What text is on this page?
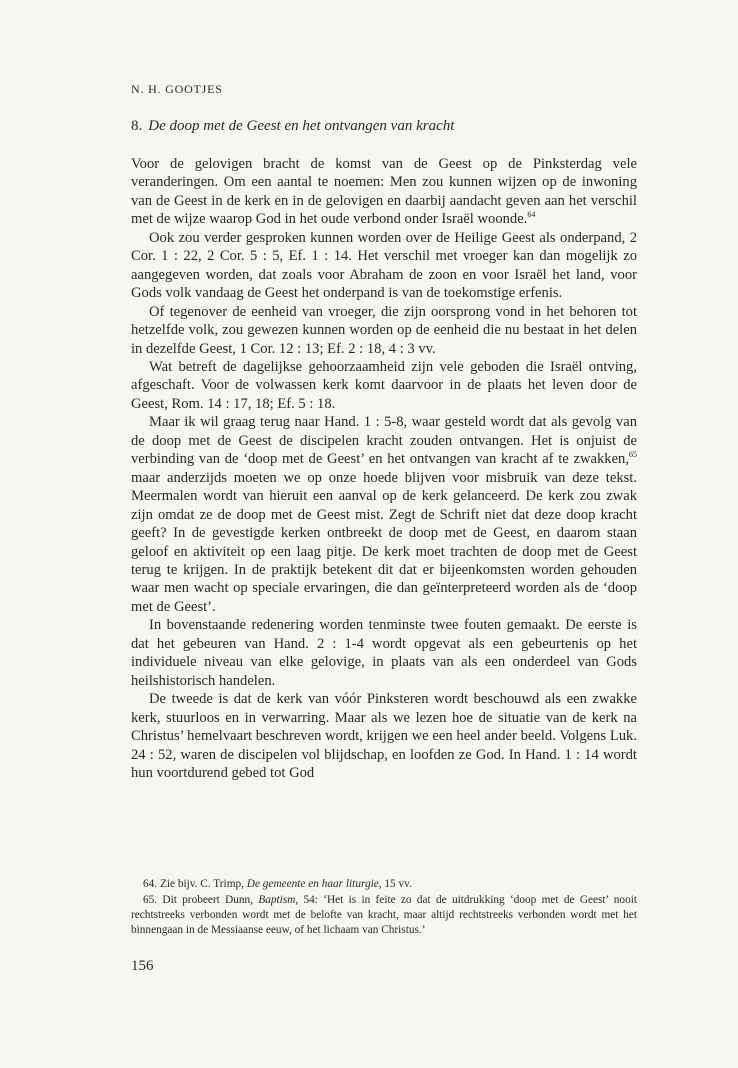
N. H. GOOTJES
8. De doop met de Geest en het ontvangen van kracht

Voor de gelovigen bracht de komst van de Geest op de Pinksterdag vele veranderingen. Om een aantal te noemen: Men zou kunnen wijzen op de inwoning van de Geest in de kerk en in de gelovigen en daarbij aandacht geven aan het verschil met de wijze waarop God in het oude verbond onder Israël woonde.$^{64}$

Ook zou verder gesproken kunnen worden over de Heilige Geest als onderpand, 2 Cor. 1 : 22, 2 Cor. 5 : 5, Ef. 1 : 14. Het verschil met vroeger kan dan mogelijk zo aangegeven worden, dat zoals voor Abraham de zoon en voor Israël het land, voor Gods volk vandaag de Geest het onderpand is van de toekomstige erfenis.

Of tegenover de eenheid van vroeger, die zijn oorsprong vond in het behoren tot hetzelfde volk, zou gewezen kunnen worden op de eenheid die nu bestaat in het delen in dezelfde Geest, 1 Cor. 12 : 13; Ef. 2 : 18, 4 : 3 vv.

Wat betreft de dagelijkse gehoorzaamheid zijn vele geboden die Israël ontving, afgeschaft. Voor de volwassen kerk komt daarvoor in de plaats het leven door de Geest, Rom. 14 : 17, 18; Ef. 5 : 18.

Maar ik wil graag terug naar Hand. 1 : 5-8, waar gesteld wordt dat als gevolg van de doop met de Geest de discipelen kracht zouden ontvangen. Het is onjuist de verbinding van de ‘doop met de Geest’ en het ontvangen van kracht af te zwakken,$^{65}$ maar anderzijds moeten we op onze hoede blijven voor misbruik van deze tekst. Meermalen wordt van hieruit een aanval op de kerk gelanceerd. De kerk zou zwak zijn omdat ze de doop met de Geest mist. Zegt de Schrift niet dat deze doop kracht geeft? In de gevestigde kerken ontbreekt de doop met de Geest, en daarom staan geloof en aktiviteit op een laag pitje. De kerk moet trachten de doop met de Geest terug te krijgen. In de praktijk betekent dit dat er bijeenkomsten worden gehouden waar men wacht op speciale ervaringen, die dan geïnterpreteerd worden als de ‘doop met de Geest’.

In bovenstaande redenering worden tenminste twee fouten gemaakt. De eerste is dat het gebeuren van Hand. 2 : 1-4 wordt opgevat als een gebeurtenis op het individuele niveau van elke gelovige, in plaats van als een onderdeel van Gods heilshistorisch handelen.

De tweede is dat de kerk van vóór Pinksteren wordt beschouwd als een zwakke kerk, stuurloos en in verwarring. Maar als we lezen hoe de situatie van de kerk na Christus’ hemelvaart beschreven wordt, krijgen we een heel ander beeld. Volgens Luk. 24 : 52, waren de discipelen vol blijdschap, en loofden ze God. In Hand. 1 : 14 wordt hun voortdurend gebed tot God

64. Zie bijv. C. Trimp, De gemeente en haar liturgie, 15 vv.

65. Dit probeert Dunn, Baptism, 54: ‘Het is in feite zo dat de uitdrukking ‘doop met de Geest’ nooit rechtstreeks verbonden wordt met de belofte van kracht, maar altijd rechtstreeks verbonden wordt met het binnengaan in de Messiaanse eeuw, of het lichaam van Christus.’

156
